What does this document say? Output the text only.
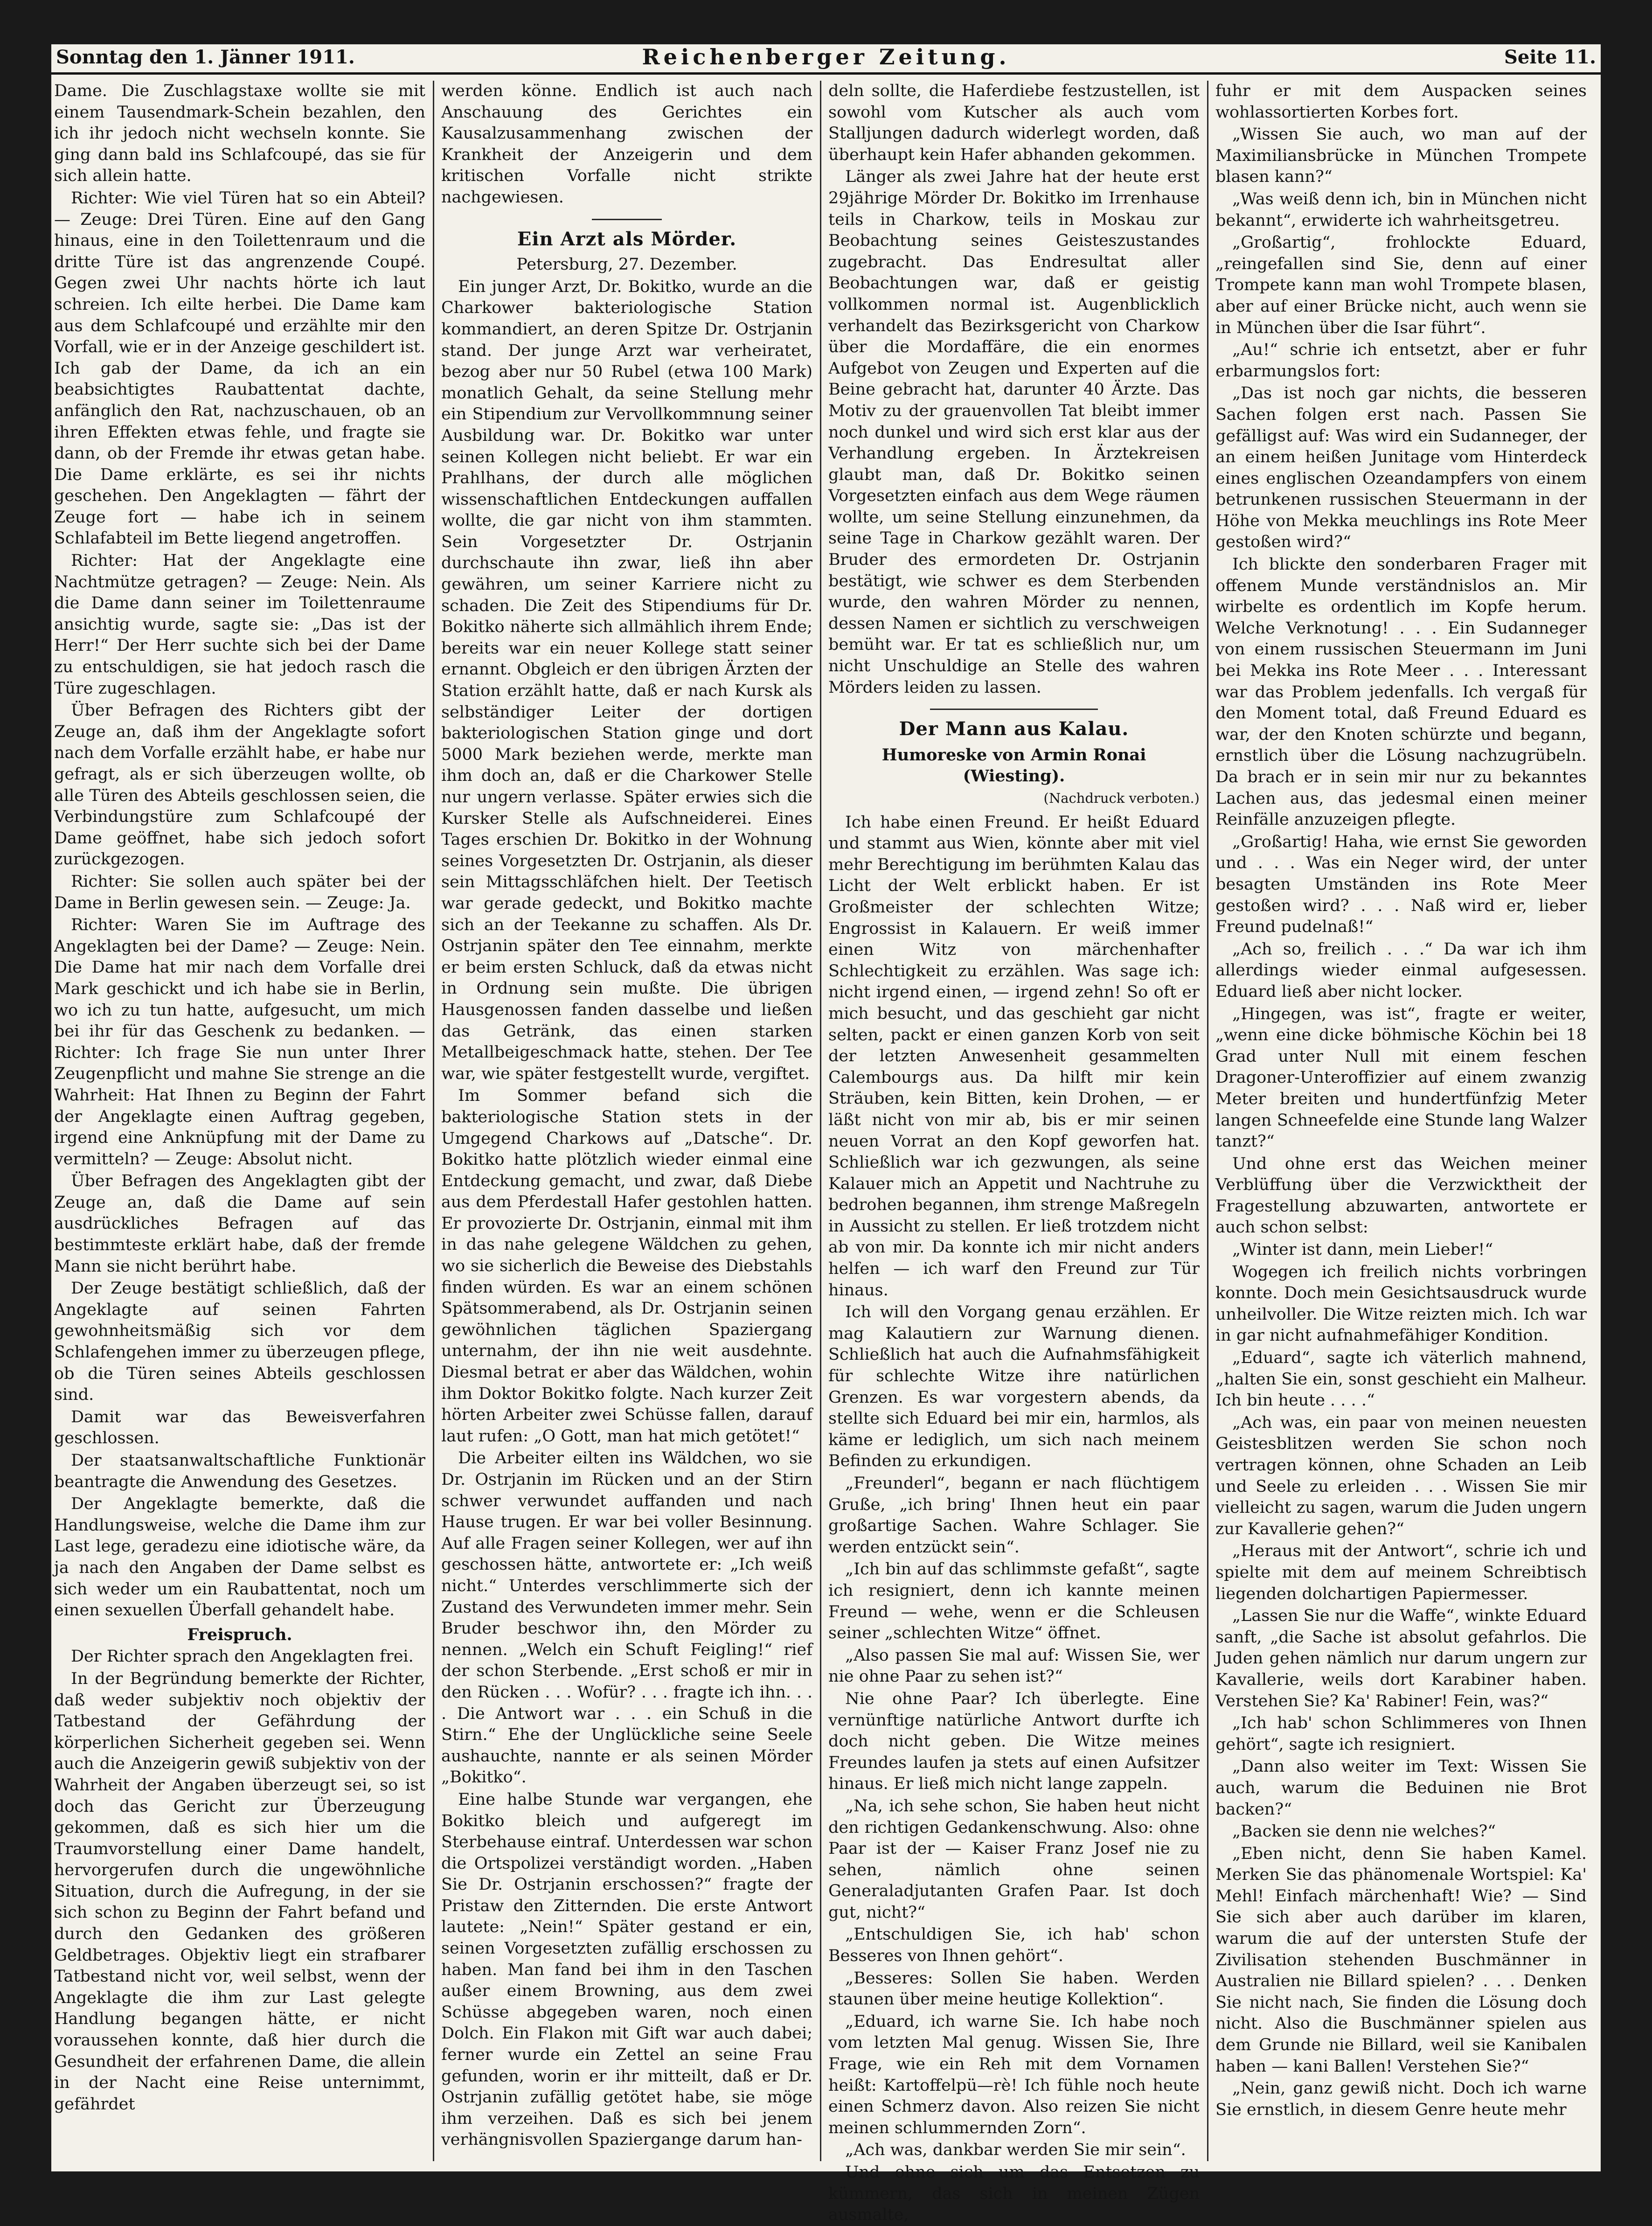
Sonntag den 1. Jänner 1911.	Reichenberger Zeitung.	Seite 11.

Dame. Die Zuschlagstaxe wollte sie mit einem Tausendmark-Schein bezahlen, den ich ihr jedoch nicht wechseln konnte. Sie ging dann bald ins Schlafcoupé, das sie für sich allein hatte.

Richter: Wie viel Türen hat so ein Abteil? — Zeuge: Drei Türen. Eine auf den Gang hinaus, eine in den Toilettenraum und die dritte Türe ist das angrenzende Coupé. Gegen zwei Uhr nachts hörte ich laut schreien. Ich eilte herbei. Die Dame kam aus dem Schlafcoupé und erzählte mir den Vorfall, wie er in der Anzeige geschildert ist. Ich gab der Dame, da ich an ein beabsichtigtes Raubattentat dachte, anfänglich den Rat, nachzuschauen, ob an ihren Effekten etwas fehle, und fragte sie dann, ob der Fremde ihr etwas getan habe. Die Dame erklärte, es sei ihr nichts geschehen. Den Angeklagten — fährt der Zeuge fort — habe ich in seinem Schlafabteil im Bette liegend angetroffen.

Richter: Hat der Angeklagte eine Nachtmütze getragen? — Zeuge: Nein. Als die Dame dann seiner im Toilettenraume ansichtig wurde, sagte sie: „Das ist der Herr!“ Der Herr suchte sich bei der Dame zu entschuldigen, sie hat jedoch rasch die Türe zugeschlagen.

Über Befragen des Richters gibt der Zeuge an, daß ihm der Angeklagte sofort nach dem Vorfalle erzählt habe, er habe nur gefragt, als er sich überzeugen wollte, ob alle Türen des Abteils geschlossen seien, die Verbindungstüre zum Schlafcoupé der Dame geöffnet, habe sich jedoch sofort zurückgezogen.

Richter: Sie sollen auch später bei der Dame in Berlin gewesen sein. — Zeuge: Ja.

Richter: Waren Sie im Auftrage des Angeklagten bei der Dame? — Zeuge: Nein. Die Dame hat mir nach dem Vorfalle drei Mark geschickt und ich habe sie in Berlin, wo ich zu tun hatte, aufgesucht, um mich bei ihr für das Geschenk zu bedanken. — Richter: Ich frage Sie nun unter Ihrer Zeugenpflicht und mahne Sie strenge an die Wahrheit: Hat Ihnen zu Beginn der Fahrt der Angeklagte einen Auftrag gegeben, irgend eine Anknüpfung mit der Dame zu vermitteln? — Zeuge: Absolut nicht.

Über Befragen des Angeklagten gibt der Zeuge an, daß die Dame auf sein ausdrückliches Befragen auf das bestimmteste erklärt habe, daß der fremde Mann sie nicht berührt habe.

Der Zeuge bestätigt schließlich, daß der Angeklagte auf seinen Fahrten gewohnheitsmäßig sich vor dem Schlafengehen immer zu überzeugen pflege, ob die Türen seines Abteils geschlossen sind.

Damit war das Beweisverfahren geschlossen.

Der staatsanwaltschaftliche Funktionär beantragte die Anwendung des Gesetzes.

Der Angeklagte bemerkte, daß die Handlungsweise, welche die Dame ihm zur Last lege, geradezu eine idiotische wäre, da ja nach den Angaben der Dame selbst es sich weder um ein Raubattentat, noch um einen sexuellen Überfall gehandelt habe.

Freispruch.

Der Richter sprach den Angeklagten frei.

In der Begründung bemerkte der Richter, daß weder subjektiv noch objektiv der Tatbestand der Gefährdung der körperlichen Sicherheit gegeben sei. Wenn auch die Anzeigerin gewiß subjektiv von der Wahrheit der Angaben überzeugt sei, so ist doch das Gericht zur Überzeugung gekommen, daß es sich hier um die Traumvorstellung einer Dame handelt, hervorgerufen durch die ungewöhnliche Situation, durch die Aufregung, in der sie sich schon zu Beginn der Fahrt befand und durch den Gedanken des größeren Geldbetrages. Objektiv liegt ein strafbarer Tatbestand nicht vor, weil selbst, wenn der Angeklagte die ihm zur Last gelegte Handlung begangen hätte, er nicht voraussehen konnte, daß hier durch die Gesundheit der erfahrenen Dame, die allein in der Nacht eine Reise unternimmt, gefährdet

werden könne. Endlich ist auch nach Anschauung des Gerichtes ein Kausalzusammenhang zwischen der Krankheit der Anzeigerin und dem kritischen Vorfalle nicht strikte nachgewiesen.

Ein Arzt als Mörder.

Petersburg, 27. Dezember.

Ein junger Arzt, Dr. Bokitko, wurde an die Charkower bakteriologische Station kommandiert, an deren Spitze Dr. Ostrjanin stand. Der junge Arzt war verheiratet, bezog aber nur 50 Rubel (etwa 100 Mark) monatlich Gehalt, da seine Stellung mehr ein Stipendium zur Vervollkommnung seiner Ausbildung war. Dr. Bokitko war unter seinen Kollegen nicht beliebt. Er war ein Prahlhans, der durch alle möglichen wissenschaftlichen Entdeckungen auffallen wollte, die gar nicht von ihm stammten. Sein Vorgesetzter Dr. Ostrjanin durchschaute ihn zwar, ließ ihn aber gewähren, um seiner Karriere nicht zu schaden. Die Zeit des Stipendiums für Dr. Bokitko näherte sich allmählich ihrem Ende; bereits war ein neuer Kollege statt seiner ernannt. Obgleich er den übrigen Ärzten der Station erzählt hatte, daß er nach Kursk als selbständiger Leiter der dortigen bakteriologischen Station ginge und dort 5000 Mark beziehen werde, merkte man ihm doch an, daß er die Charkower Stelle nur ungern verlasse. Später erwies sich die Kursker Stelle als Aufschneiderei. Eines Tages erschien Dr. Bokitko in der Wohnung seines Vorgesetzten Dr. Ostrjanin, als dieser sein Mittagsschläfchen hielt. Der Teetisch war gerade gedeckt, und Bokitko machte sich an der Teekanne zu schaffen. Als Dr. Ostrjanin später den Tee einnahm, merkte er beim ersten Schluck, daß da etwas nicht in Ordnung sein mußte. Die übrigen Hausgenossen fanden dasselbe und ließen das Getränk, das einen starken Metallbeigeschmack hatte, stehen. Der Tee war, wie später festgestellt wurde, vergiftet.

Im Sommer befand sich die bakteriologische Station stets in der Umgegend Charkows auf „Datsche“. Dr. Bokitko hatte plötzlich wieder einmal eine Entdeckung gemacht, und zwar, daß Diebe aus dem Pferdestall Hafer gestohlen hatten. Er provozierte Dr. Ostrjanin, einmal mit ihm in das nahe gelegene Wäldchen zu gehen, wo sie sicherlich die Beweise des Diebstahls finden würden. Es war an einem schönen Spätsommerabend, als Dr. Ostrjanin seinen gewöhnlichen täglichen Spaziergang unternahm, der ihn nie weit ausdehnte. Diesmal betrat er aber das Wäldchen, wohin ihm Doktor Bokitko folgte. Nach kurzer Zeit hörten Arbeiter zwei Schüsse fallen, darauf laut rufen: „O Gott, man hat mich getötet!“

Die Arbeiter eilten ins Wäldchen, wo sie Dr. Ostrjanin im Rücken und an der Stirn schwer verwundet auffanden und nach Hause trugen. Er war bei voller Besinnung. Auf alle Fragen seiner Kollegen, wer auf ihn geschossen hätte, antwortete er: „Ich weiß nicht.“ Unterdes verschlimmerte sich der Zustand des Verwundeten immer mehr. Sein Bruder beschwor ihn, den Mörder zu nennen. „Welch ein Schuft Feigling!“ rief der schon Sterbende. „Erst schoß er mir in den Rücken . . . Wofür? . . . fragte ich ihn. . . . Die Antwort war . . . ein Schuß in die Stirn.“ Ehe der Unglückliche seine Seele aushauchte, nannte er als seinen Mörder „Bokitko“.

Eine halbe Stunde war vergangen, ehe Bokitko bleich und aufgeregt im Sterbehause eintraf. Unterdessen war schon die Ortspolizei verständigt worden. „Haben Sie Dr. Ostrjanin erschossen?“ fragte der Pristaw den Zitternden. Die erste Antwort lautete: „Nein!“ Später gestand er ein, seinen Vorgesetzten zufällig erschossen zu haben. Man fand bei ihm in den Taschen außer einem Browning, aus dem zwei Schüsse abgegeben waren, noch einen Dolch. Ein Flakon mit Gift war auch dabei; ferner wurde ein Zettel an seine Frau gefunden, worin er ihr mitteilt, daß er Dr. Ostrjanin zufällig getötet habe, sie möge ihm verzeihen. Daß es sich bei jenem verhängnisvollen Spaziergange darum han-

deln sollte, die Haferdiebe festzustellen, ist sowohl vom Kutscher als auch vom Stalljungen dadurch widerlegt worden, daß überhaupt kein Hafer abhanden gekommen.

Länger als zwei Jahre hat der heute erst 29jährige Mörder Dr. Bokitko im Irrenhause teils in Charkow, teils in Moskau zur Beobachtung seines Geisteszustandes zugebracht. Das Endresultat aller Beobachtungen war, daß er geistig vollkommen normal ist. Augenblicklich verhandelt das Bezirksgericht von Charkow über die Mordaffäre, die ein enormes Aufgebot von Zeugen und Experten auf die Beine gebracht hat, darunter 40 Ärzte. Das Motiv zu der grauenvollen Tat bleibt immer noch dunkel und wird sich erst klar aus der Verhandlung ergeben. In Ärztekreisen glaubt man, daß Dr. Bokitko seinen Vorgesetzten einfach aus dem Wege räumen wollte, um seine Stellung einzunehmen, da seine Tage in Charkow gezählt waren. Der Bruder des ermordeten Dr. Ostrjanin bestätigt, wie schwer es dem Sterbenden wurde, den wahren Mörder zu nennen, dessen Namen er sichtlich zu verschweigen bemüht war. Er tat es schließlich nur, um nicht Unschuldige an Stelle des wahren Mörders leiden zu lassen.

Der Mann aus Kalau.

Humoreske von Armin Ronai (Wiesting).

(Nachdruck verboten.)

Ich habe einen Freund. Er heißt Eduard und stammt aus Wien, könnte aber mit viel mehr Berechtigung im berühmten Kalau das Licht der Welt erblickt haben. Er ist Großmeister der schlechten Witze; Engrossist in Kalauern. Er weiß immer einen Witz von märchenhafter Schlechtigkeit zu erzählen. Was sage ich: nicht irgend einen, — irgend zehn! So oft er mich besucht, und das geschieht gar nicht selten, packt er einen ganzen Korb von seit der letzten Anwesenheit gesammelten Calembourgs aus. Da hilft mir kein Sträuben, kein Bitten, kein Drohen, — er läßt nicht von mir ab, bis er mir seinen neuen Vorrat an den Kopf geworfen hat. Schließlich war ich gezwungen, als seine Kalauer mich an Appetit und Nachtruhe zu bedrohen begannen, ihm strenge Maßregeln in Aussicht zu stellen. Er ließ trotzdem nicht ab von mir. Da konnte ich mir nicht anders helfen — ich warf den Freund zur Tür hinaus.

Ich will den Vorgang genau erzählen. Er mag Kalautiern zur Warnung dienen. Schließlich hat auch die Aufnahmsfähigkeit für schlechte Witze ihre natürlichen Grenzen. Es war vorgestern abends, da stellte sich Eduard bei mir ein, harmlos, als käme er lediglich, um sich nach meinem Befinden zu erkundigen.

„Freunderl“, begann er nach flüchtigem Gruße, „ich bring' Ihnen heut ein paar großartige Sachen. Wahre Schlager. Sie werden entzückt sein“.

„Ich bin auf das schlimmste gefaßt“, sagte ich resigniert, denn ich kannte meinen Freund — wehe, wenn er die Schleusen seiner „schlechten Witze“ öffnet.

„Also passen Sie mal auf: Wissen Sie, wer nie ohne Paar zu sehen ist?“

Nie ohne Paar? Ich überlegte. Eine vernünftige natürliche Antwort durfte ich doch nicht geben. Die Witze meines Freundes laufen ja stets auf einen Aufsitzer hinaus. Er ließ mich nicht lange zappeln.

„Na, ich sehe schon, Sie haben heut nicht den richtigen Gedankenschwung. Also: ohne Paar ist der — Kaiser Franz Josef nie zu sehen, nämlich ohne seinen Generaladjutanten Grafen Paar. Ist doch gut, nicht?“

„Entschuldigen Sie, ich hab' schon Besseres von Ihnen gehört“.

„Besseres: Sollen Sie haben. Werden staunen über meine heutige Kollektion“.

„Eduard, ich warne Sie. Ich habe noch vom letzten Mal genug. Wissen Sie, Ihre Frage, wie ein Reh mit dem Vornamen heißt: Kartoffelpü—rè! Ich fühle noch heute einen Schmerz davon. Also reizen Sie nicht meinen schlummernden Zorn“.

„Ach was, dankbar werden Sie mir sein“.

Und ohne sich um das Entsetzen zu kümmern, das sich in meinen Zügen ausmalte,

fuhr er mit dem Auspacken seines wohlassortierten Korbes fort.

„Wissen Sie auch, wo man auf der Maximiliansbrücke in München Trompete blasen kann?“

„Was weiß denn ich, bin in München nicht bekannt“, erwiderte ich wahrheitsgetreu.

„Großartig“, frohlockte Eduard, „reingefallen sind Sie, denn auf einer Trompete kann man wohl Trompete blasen, aber auf einer Brücke nicht, auch wenn sie in München über die Isar führt“.

„Au!“ schrie ich entsetzt, aber er fuhr erbarmungslos fort:

„Das ist noch gar nichts, die besseren Sachen folgen erst nach. Passen Sie gefälligst auf: Was wird ein Sudanneger, der an einem heißen Junitage vom Hinterdeck eines englischen Ozeandampfers von einem betrunkenen russischen Steuermann in der Höhe von Mekka meuchlings ins Rote Meer gestoßen wird?“

Ich blickte den sonderbaren Frager mit offenem Munde verständnislos an. Mir wirbelte es ordentlich im Kopfe herum. Welche Verknotung! . . . Ein Sudanneger von einem russischen Steuermann im Juni bei Mekka ins Rote Meer . . . Interessant war das Problem jedenfalls. Ich vergaß für den Moment total, daß Freund Eduard es war, der den Knoten schürzte und begann, ernstlich über die Lösung nachzugrübeln. Da brach er in sein mir nur zu bekanntes Lachen aus, das jedesmal einen meiner Reinfälle anzuzeigen pflegte.

„Großartig! Haha, wie ernst Sie geworden und . . . Was ein Neger wird, der unter besagten Umständen ins Rote Meer gestoßen wird? . . . Naß wird er, lieber Freund pudelnaß!“

„Ach so, freilich . . .“ Da war ich ihm allerdings wieder einmal aufgesessen. Eduard ließ aber nicht locker.

„Hingegen, was ist“, fragte er weiter, „wenn eine dicke böhmische Köchin bei 18 Grad unter Null mit einem feschen Dragoner-Unteroffizier auf einem zwanzig Meter breiten und hundertfünfzig Meter langen Schneefelde eine Stunde lang Walzer tanzt?“

Und ohne erst das Weichen meiner Verblüffung über die Verzwicktheit der Fragestellung abzuwarten, antwortete er auch schon selbst:

„Winter ist dann, mein Lieber!“

Wogegen ich freilich nichts vorbringen konnte. Doch mein Gesichtsausdruck wurde unheilvoller. Die Witze reizten mich. Ich war in gar nicht aufnahmefähiger Kondition.

„Eduard“, sagte ich väterlich mahnend, „halten Sie ein, sonst geschieht ein Malheur. Ich bin heute . . . .“

„Ach was, ein paar von meinen neuesten Geistesblitzen werden Sie schon noch vertragen können, ohne Schaden an Leib und Seele zu erleiden . . . Wissen Sie mir vielleicht zu sagen, warum die Juden ungern zur Kavallerie gehen?“

„Heraus mit der Antwort“, schrie ich und spielte mit dem auf meinem Schreibtisch liegenden dolchartigen Papiermesser.

„Lassen Sie nur die Waffe“, winkte Eduard sanft, „die Sache ist absolut gefahrlos. Die Juden gehen nämlich nur darum ungern zur Kavallerie, weils dort Karabiner haben. Verstehen Sie? Ka' Rabiner! Fein, was?“

„Ich hab' schon Schlimmeres von Ihnen gehört“, sagte ich resigniert.

„Dann also weiter im Text: Wissen Sie auch, warum die Beduinen nie Brot backen?“

„Backen sie denn nie welches?“

„Eben nicht, denn Sie haben Kamel. Merken Sie das phänomenale Wortspiel: Ka' Mehl! Einfach märchenhaft! Wie? — Sind Sie sich aber auch darüber im klaren, warum die auf der untersten Stufe der Zivilisation stehenden Buschmänner in Australien nie Billard spielen? . . . Denken Sie nicht nach, Sie finden die Lösung doch nicht. Also die Buschmänner spielen aus dem Grunde nie Billard, weil sie Kanibalen haben — kani Ballen! Verstehen Sie?“

„Nein, ganz gewiß nicht. Doch ich warne Sie ernstlich, in diesem Genre heute mehr
